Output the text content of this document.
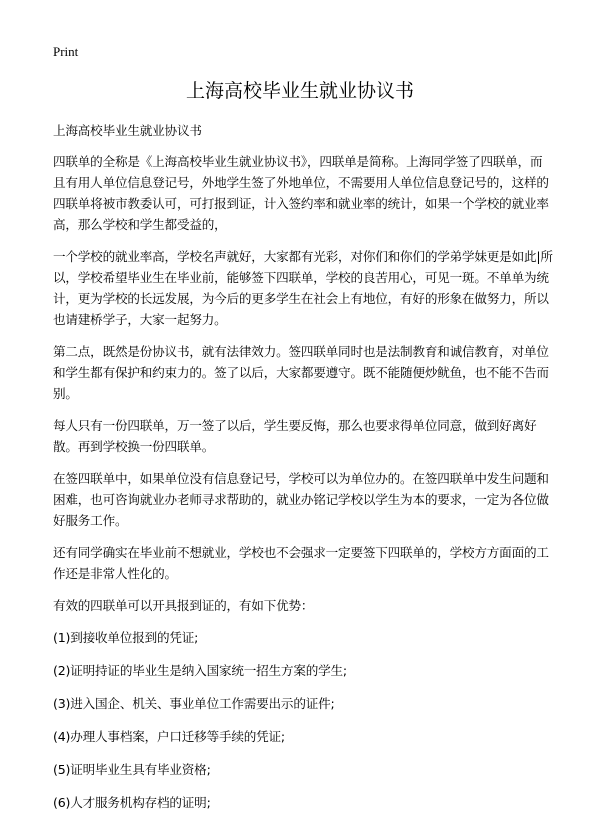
Print
上海高校毕业生就业协议书

上海高校毕业生就业协议书

四联单的全称是《上海高校毕业生就业协议书》，四联单是简称。上海同学签了四联单，而且有用人单位信息登记号，外地学生签了外地单位，不需要用人单位信息登记号的，这样的四联单将被市教委认可，可打报到证，计入签约率和就业率的统计，如果一个学校的就业率高，那么学校和学生都受益的，

一个学校的就业率高，学校名声就好，大家都有光彩，对你们和你们的学弟学妹更是如此|所以，学校希望毕业生在毕业前，能够签下四联单，学校的良苦用心，可见一斑。不单单为统计，更为学校的长远发展，为今后的更多学生在社会上有地位，有好的形象在做努力，所以也请建桥学子，大家一起努力。

第二点，既然是份协议书，就有法律效力。签四联单同时也是法制教育和诚信教育，对单位和学生都有保护和约束力的。签了以后，大家都要遵守。既不能随便炒鱿鱼，也不能不告而别。

每人只有一份四联单，万一签了以后，学生要反悔，那么也要求得单位同意，做到好离好散。再到学校换一份四联单。

在签四联单中，如果单位没有信息登记号，学校可以为单位办的。在签四联单中发生问题和困难，也可咨询就业办老师寻求帮助的，就业办铭记学校以学生为本的要求，一定为各位做好服务工作。

还有同学确实在毕业前不想就业，学校也不会强求一定要签下四联单的，学校方方面面的工作还是非常人性化的。

有效的四联单可以开具报到证的，有如下优势：

(1)到接收单位报到的凭证;

(2)证明持证的毕业生是纳入国家统一招生方案的学生;

(3)进入国企、机关、事业单位工作需要出示的证件;

(4)办理人事档案，户口迁移等手续的凭证;

(5)证明毕业生具有毕业资格;

(6)人才服务机构存档的证明;
